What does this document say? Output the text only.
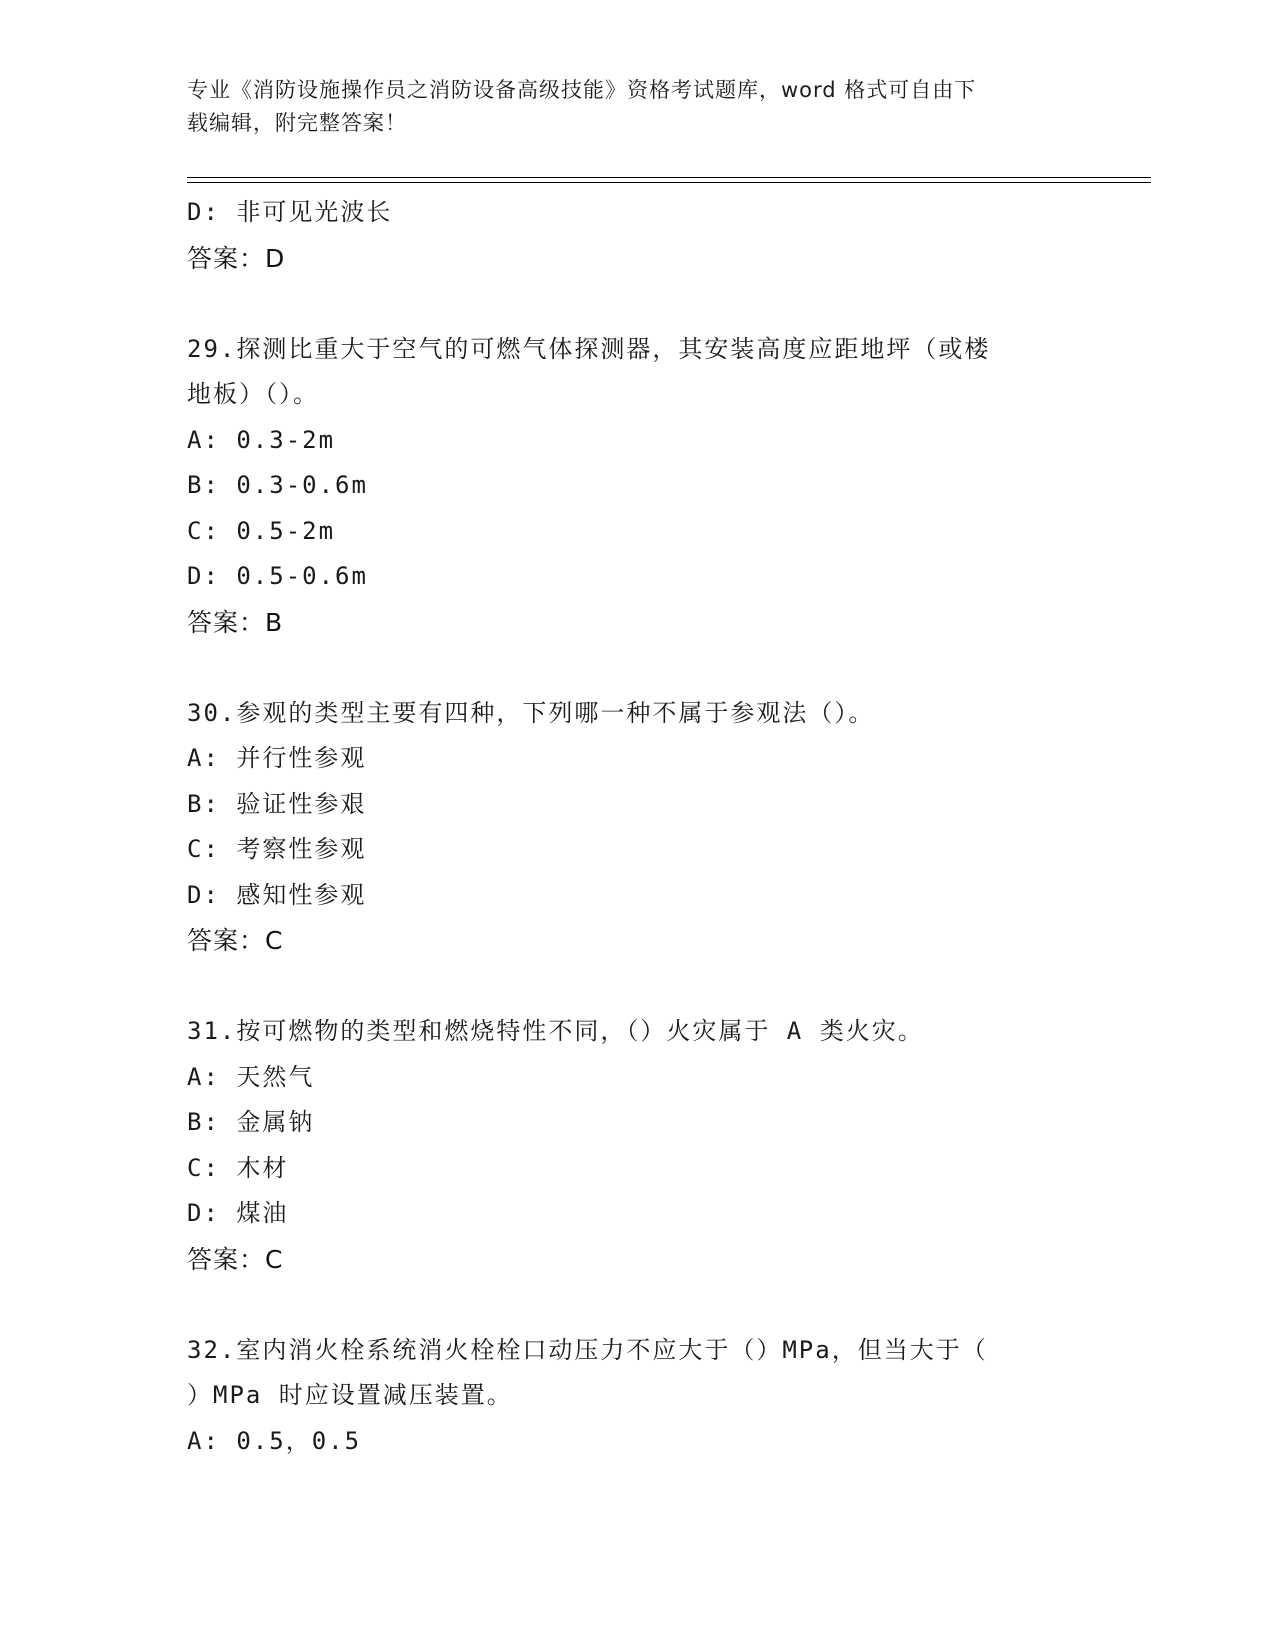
专业《消防设施操作员之消防设备高级技能》资格考试题库，word 格式可自由下
载编辑，附完整答案！
D: 非可见光波长
答案：D
29.探测比重大于空气的可燃气体探测器，其安装高度应距地坪（或楼
地板）（）。
A: 0.3-2m
B: 0.3-0.6m
C: 0.5-2m
D: 0.5-0.6m
答案：B
30.参观的类型主要有四种，下列哪一种不属于参观法（）。
A: 并行性参观
B: 验证性参艰
C: 考察性参观
D: 感知性参观
答案：C
31.按可燃物的类型和燃烧特性不同，（）火灾属于 A 类火灾。
A: 天然气
B: 金属钠
C: 木材
D: 煤油
答案：C
32.室内消火栓系统消火栓栓口动压力不应大于（）MPa，但当大于（
）MPa 时应设置减压装置。
A: 0.5，0.5
